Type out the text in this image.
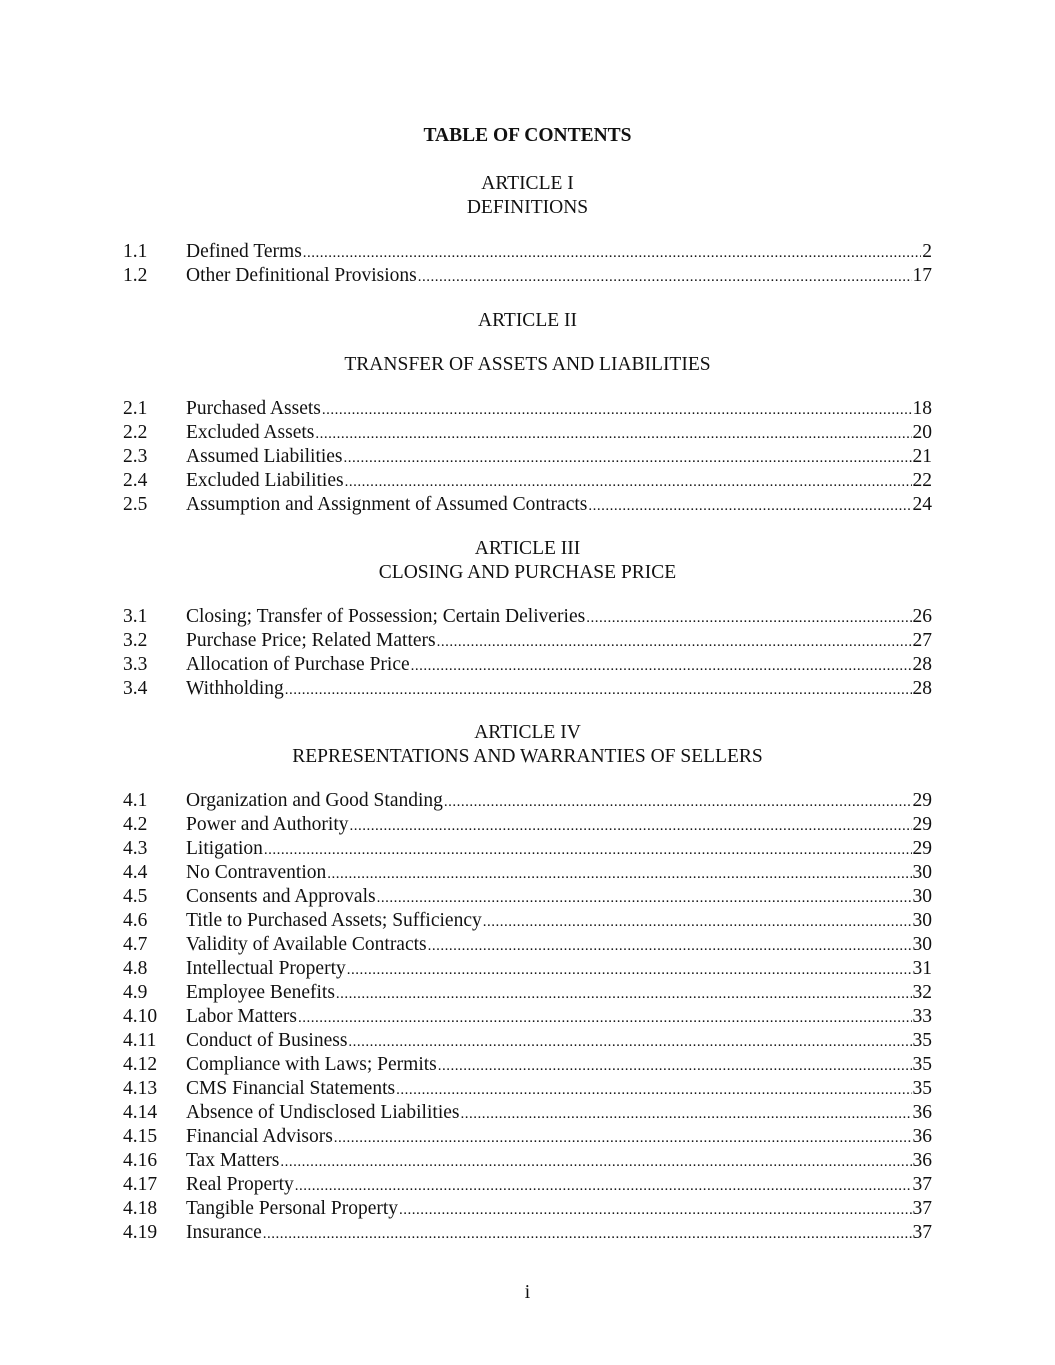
TABLE OF CONTENTS
ARTICLE I
DEFINITIONS
1.1	Defined Terms .....	2
1.2	Other Definitional Provisions .....	17
ARTICLE II
TRANSFER OF ASSETS AND LIABILITIES
2.1	Purchased Assets .....	18
2.2	Excluded Assets .....	20
2.3	Assumed Liabilities .....	21
2.4	Excluded Liabilities .....	22
2.5	Assumption and Assignment of Assumed Contracts .....	24
ARTICLE III
CLOSING AND PURCHASE PRICE
3.1	Closing; Transfer of Possession; Certain Deliveries .....	26
3.2	Purchase Price; Related Matters .....	27
3.3	Allocation of Purchase Price .....	28
3.4	Withholding .....	28
ARTICLE IV
REPRESENTATIONS AND WARRANTIES OF SELLERS
4.1	Organization and Good Standing .....	29
4.2	Power and Authority .....	29
4.3	Litigation .....	29
4.4	No Contravention .....	30
4.5	Consents and Approvals .....	30
4.6	Title to Purchased Assets; Sufficiency .....	30
4.7	Validity of Available Contracts .....	30
4.8	Intellectual Property .....	31
4.9	Employee Benefits .....	32
4.10	Labor Matters .....	33
4.11	Conduct of Business .....	35
4.12	Compliance with Laws; Permits .....	35
4.13	CMS Financial Statements .....	35
4.14	Absence of Undisclosed Liabilities .....	36
4.15	Financial Advisors .....	36
4.16	Tax Matters .....	36
4.17	Real Property .....	37
4.18	Tangible Personal Property .....	37
4.19	Insurance .....	37
i
